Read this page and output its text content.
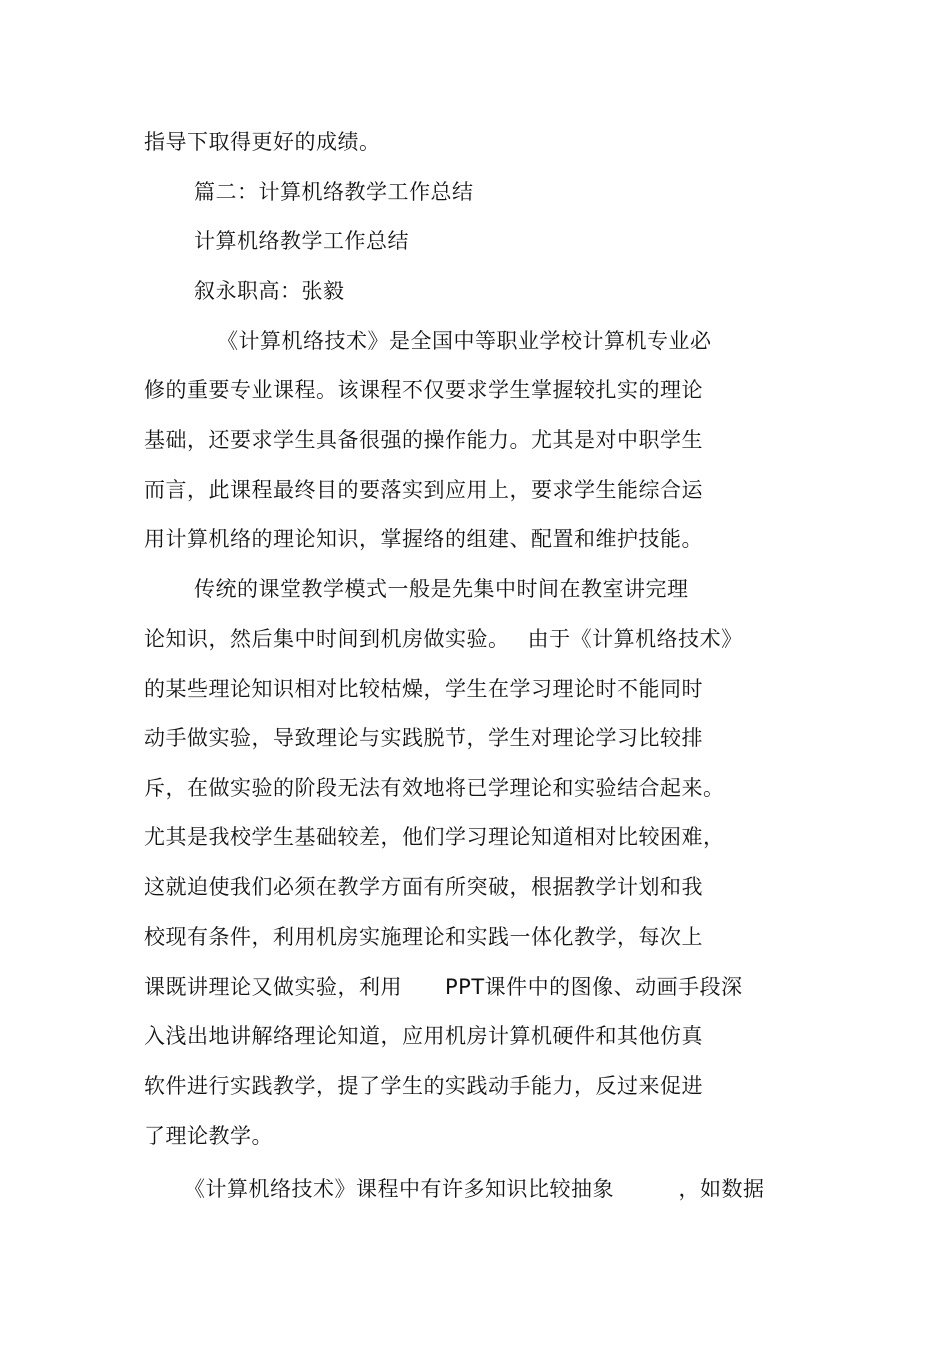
指导下取得更好的成绩。
篇二：计算机络教学工作总结
计算机络教学工作总结
叙永职高：张毅
《计算机络技术》是全国中等职业学校计算机专业必
修的重要专业课程。该课程不仅要求学生掌握较扎实的理论
基础，还要求学生具备很强的操作能力。尤其是对中职学生
而言，此课程最终目的要落实到应用上，要求学生能综合运
用计算机络的理论知识，掌握络的组建、配置和维护技能。
传统的课堂教学模式一般是先集中时间在教室讲完理
论知识，然后集中时间到机房做实验。　 由于《计算机络技术》
的某些理论知识相对比较枯燥，学生在学习理论时不能同时
动手做实验，导致理论与实践脱节，学生对理论学习比较排
斥，在做实验的阶段无法有效地将已学理论和实验结合起来。
尤其是我校学生基础较差，他们学习理论知道相对比较困难，
这就迫使我们必须在教学方面有所突破，根据教学计划和我
校现有条件，利用机房实施理论和实践一体化教学，每次上
课既讲理论又做实验，利用　　PPT课件中的图像、动画手段深
入浅出地讲解络理论知道，应用机房计算机硬件和其他仿真
软件进行实践教学，提了学生的实践动手能力，反过来促进
了理论教学。
《计算机络技术》课程中有许多知识比较抽象　　　，如数据
